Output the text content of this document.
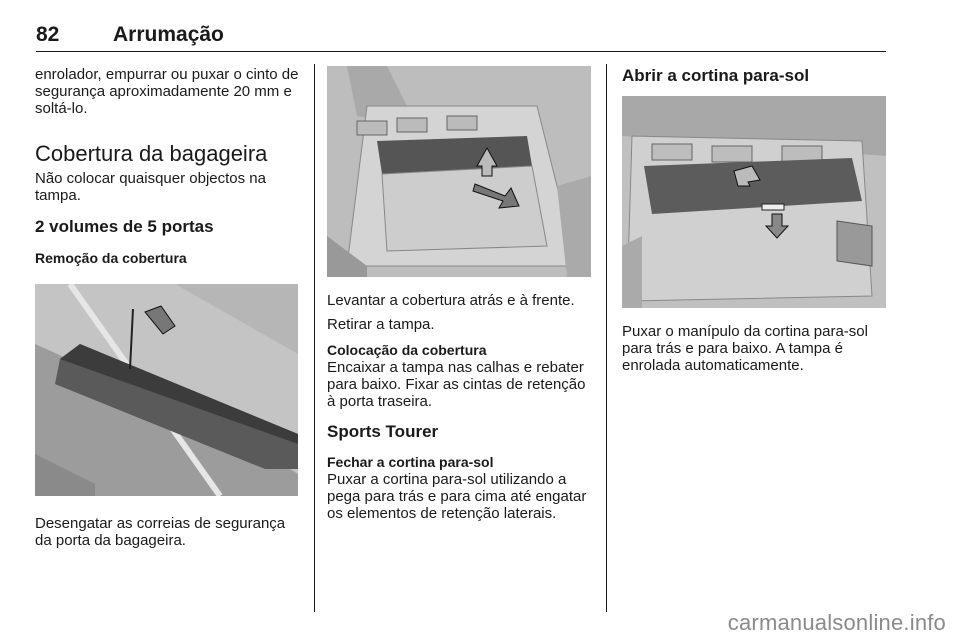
82	Arrumação

enrolador, empurrar ou puxar o cinto de segurança aproximadamente 20 mm e soltá-lo.

Cobertura da bagageira

Não colocar quaisquer objectos na tampa.

2 volumes de 5 portas
Remoção da cobertura

Desengatar as correias de segurança da porta da bagageira.

Levantar a cobertura atrás e à frente.

Retirar a tampa.

Colocação da cobertura

Encaixar a tampa nas calhas e rebater para baixo. Fixar as cintas de retenção à porta traseira.

Sports Tourer
Fechar a cortina para-sol

Puxar a cortina para-sol utilizando a pega para trás e para cima até engatar os elementos de retenção laterais.

Abrir a cortina para-sol

Puxar o manípulo da cortina para-sol para trás e para baixo. A tampa é enrolada automaticamente.

carmanualsonline.info
